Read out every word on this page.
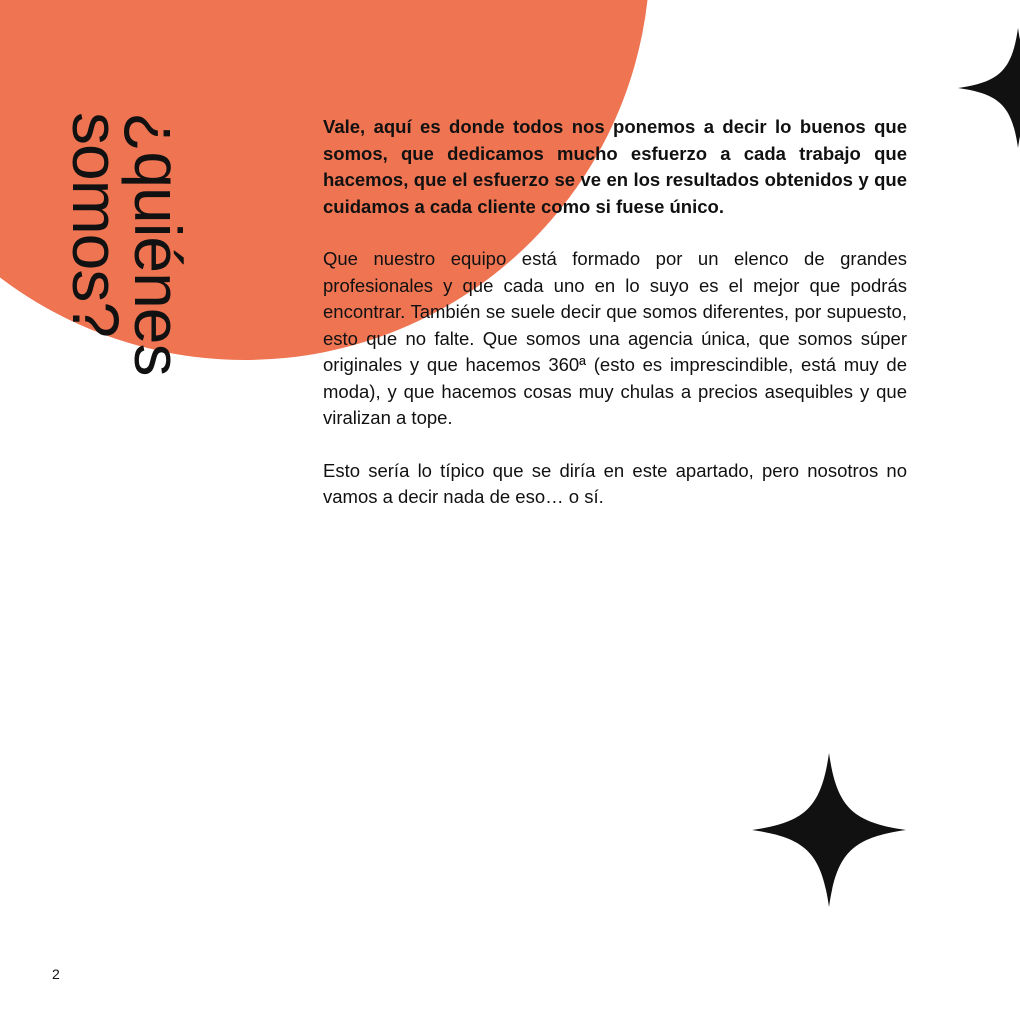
¿quiénes
somos?	Vale, aquí es donde todos nos ponemos a decir lo buenos que somos, que dedicamos mucho esfuerzo a cada trabajo que hacemos, que el esfuerzo se ve en los resultados obtenidos y que cuidamos a cada cliente como si fuese único.

Que nuestro equipo está formado por un elenco de grandes profesionales y que cada uno en lo suyo es el mejor que podrás encontrar. También se suele decir que somos diferentes, por supuesto, esto que no falte. Que somos una agencia única, que somos súper originales y que hacemos 360ª (esto es imprescindible, está muy de moda), y que hacemos cosas muy chulas a precios asequibles y que viralizan a tope.

Esto sería lo típico que se diría en este apartado, pero nosotros no vamos a decir nada de eso… o sí.

2
